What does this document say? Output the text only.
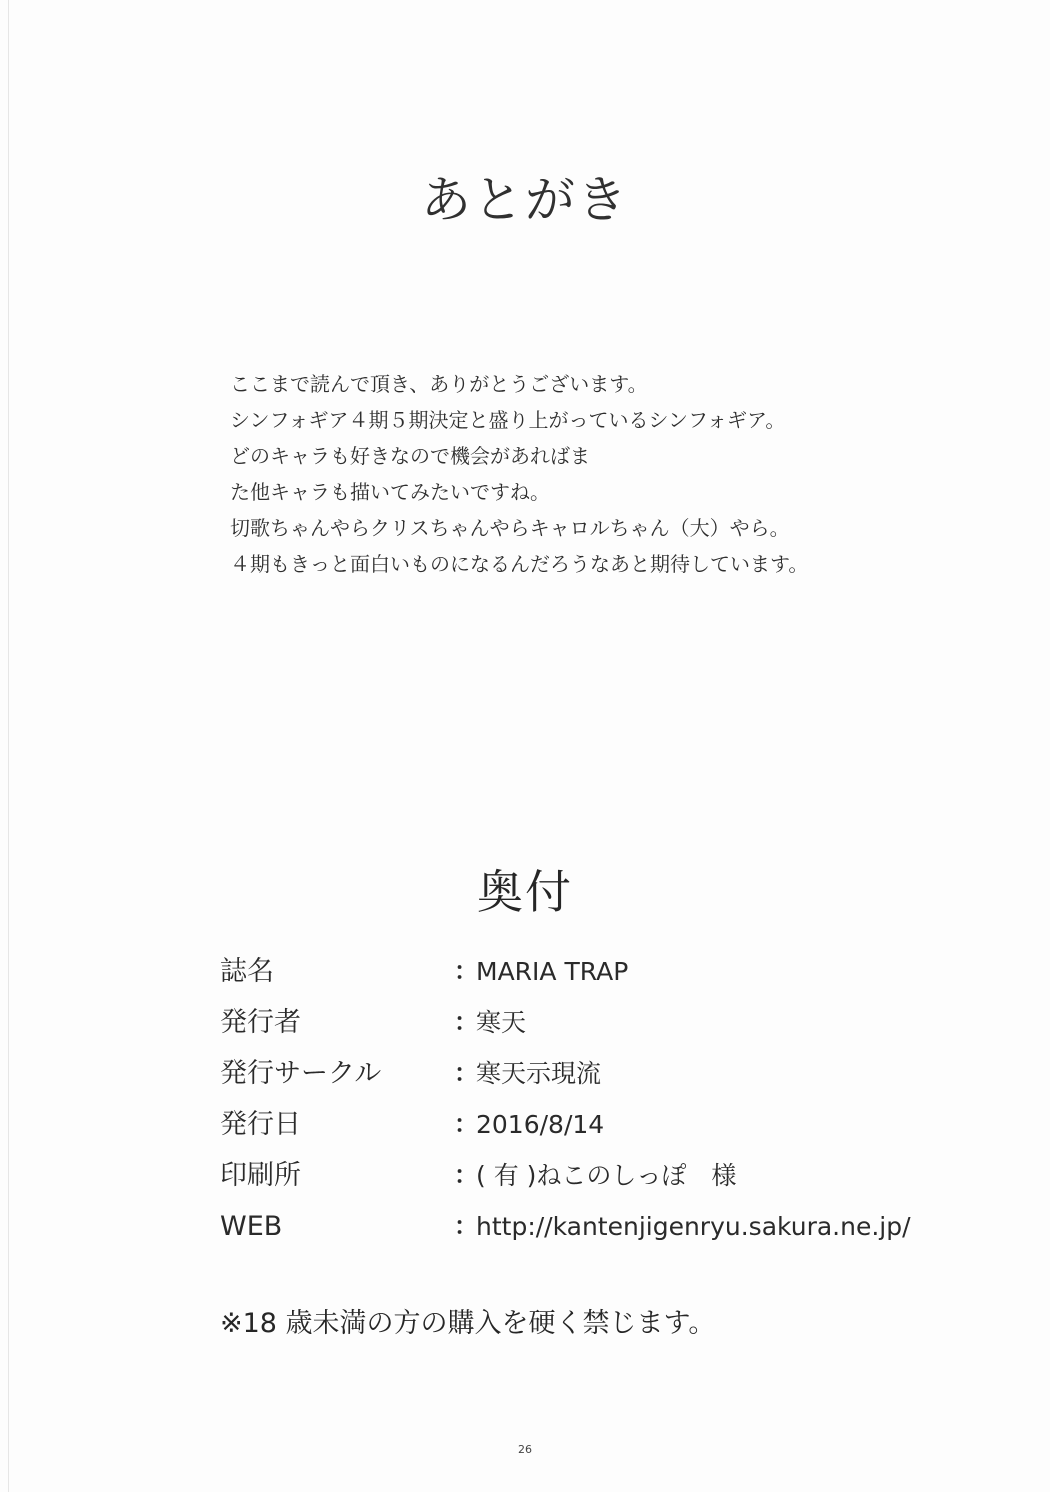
あとがき
ここまで読んで頂き、ありがとうございます。
シンフォギア４期５期決定と盛り上がっているシンフォギア。
どのキャラも好きなので機会があればま
た他キャラも描いてみたいですね。
切歌ちゃんやらクリスちゃんやらキャロルちゃん（大）やら。
４期もきっと面白いものになるんだろうなあと期待しています。
奥付
誌名	：
MARIA TRAP
発行者	：
寒天
発行サークル	：
寒天示現流
発行日	：
2016/8/14
印刷所	：
( 有 )ねこのしっぽ　様
WEB	：
http://kantenjigenryu.sakura.ne.jp/
※18 歳未満の方の購入を硬く禁じます。
26
